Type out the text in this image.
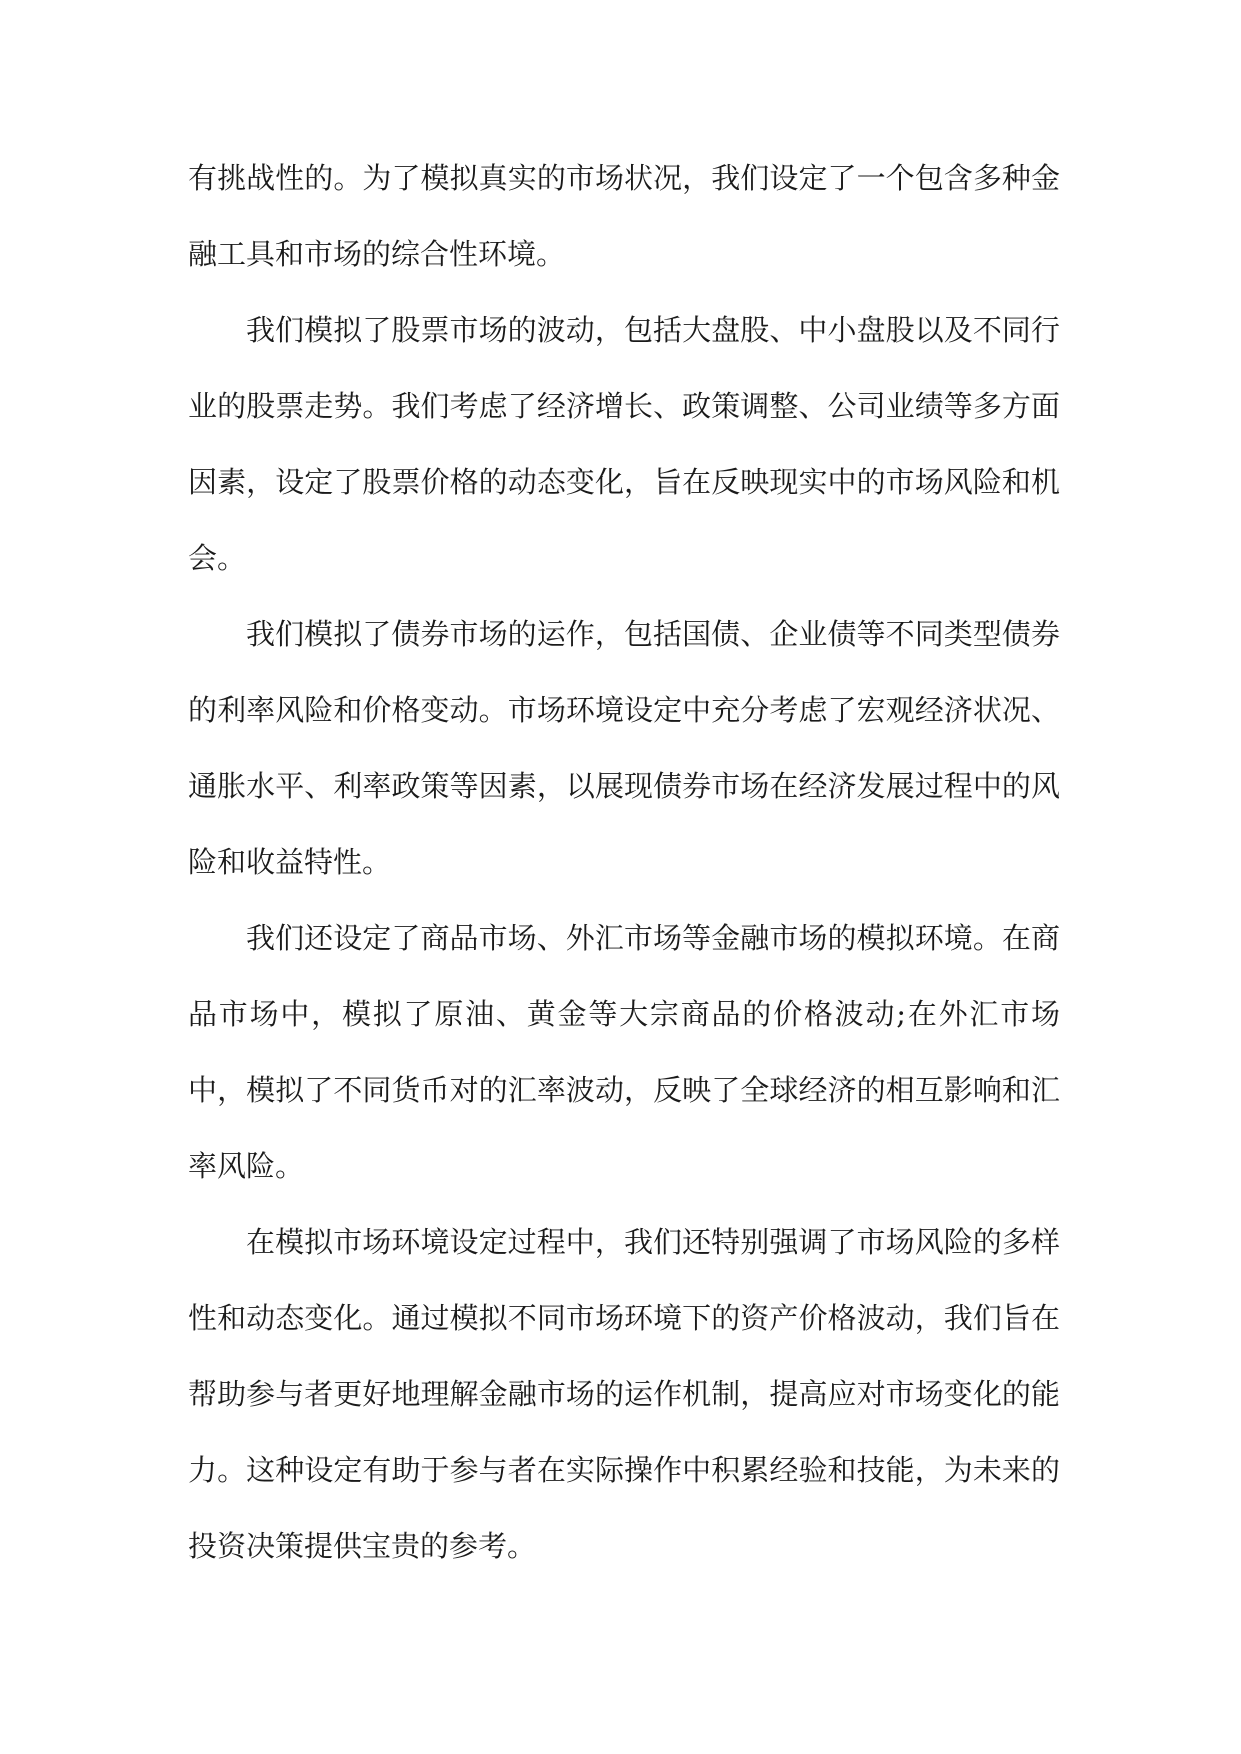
有挑战性的。为了模拟真实的市场状况，我们设定了一个包含多种金融工具和市场的综合性环境。

我们模拟了股票市场的波动，包括大盘股、中小盘股以及不同行业的股票走势。我们考虑了经济增长、政策调整、公司业绩等多方面因素，设定了股票价格的动态变化，旨在反映现实中的市场风险和机会。

我们模拟了债券市场的运作，包括国债、企业债等不同类型债券的利率风险和价格变动。市场环境设定中充分考虑了宏观经济状况、通胀水平、利率政策等因素，以展现债券市场在经济发展过程中的风险和收益特性。

我们还设定了商品市场、外汇市场等金融市场的模拟环境。在商品市场中，模拟了原油、黄金等大宗商品的价格波动;在外汇市场中，模拟了不同货币对的汇率波动，反映了全球经济的相互影响和汇率风险。

在模拟市场环境设定过程中，我们还特别强调了市场风险的多样性和动态变化。通过模拟不同市场环境下的资产价格波动，我们旨在帮助参与者更好地理解金融市场的运作机制，提高应对市场变化的能力。这种设定有助于参与者在实际操作中积累经验和技能，为未来的投资决策提供宝贵的参考。
